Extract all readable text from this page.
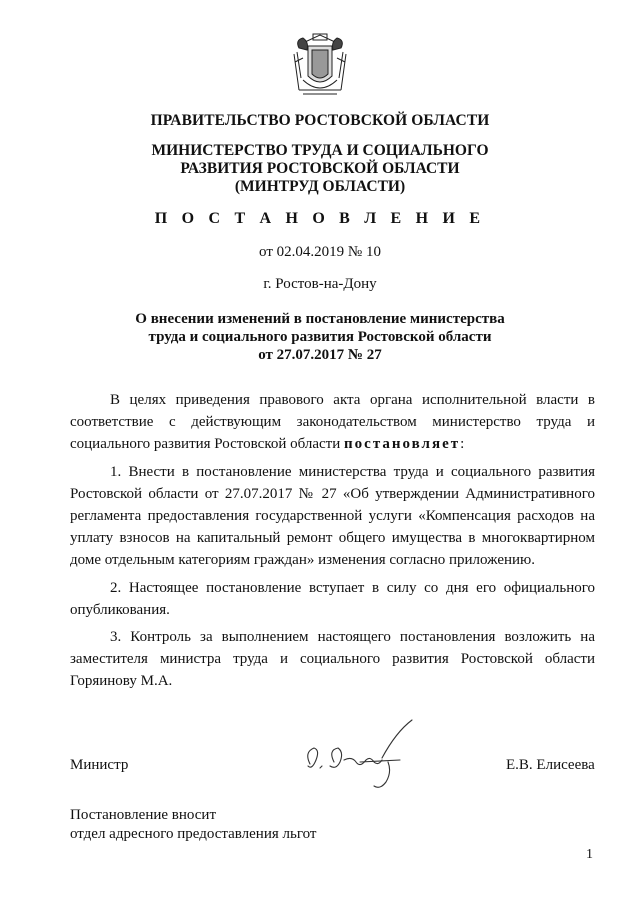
ПРАВИТЕЛЬСТВО РОСТОВСКОЙ ОБЛАСТИ
МИНИСТЕРСТВО ТРУДА И СОЦИАЛЬНОГО
РАЗВИТИЯ РОСТОВСКОЙ ОБЛАСТИ
(МИНТРУД ОБЛАСТИ)
П О С Т А Н О В Л Е Н И Е
от 02.04.2019 № 10
г. Ростов-на-Дону
О внесении изменений в постановление министерства
труда и социального развития Ростовской области
от 27.07.2017 № 27

В целях приведения правового акта органа исполнительной власти в соответствие с действующим законодательством министерство труда и социального развития Ростовской области постановляет:

1. Внести в постановление министерства труда и социального развития Ростовской области от 27.07.2017 № 27 «Об утверждении Административного регламента предоставления государственной услуги «Компенсация расходов на уплату взносов на капитальный ремонт общего имущества в многоквартирном доме отдельным категориям граждан» изменения согласно приложению.

2. Настоящее постановление вступает в силу со дня его официального опубликования.

3. Контроль за выполнением настоящего постановления возложить на заместителя министра труда и социального развития Ростовской области Горяинову М.А.

Министр	Е.В. Елисеева
Постановление вносит
отдел адресного предоставления льгот
1
